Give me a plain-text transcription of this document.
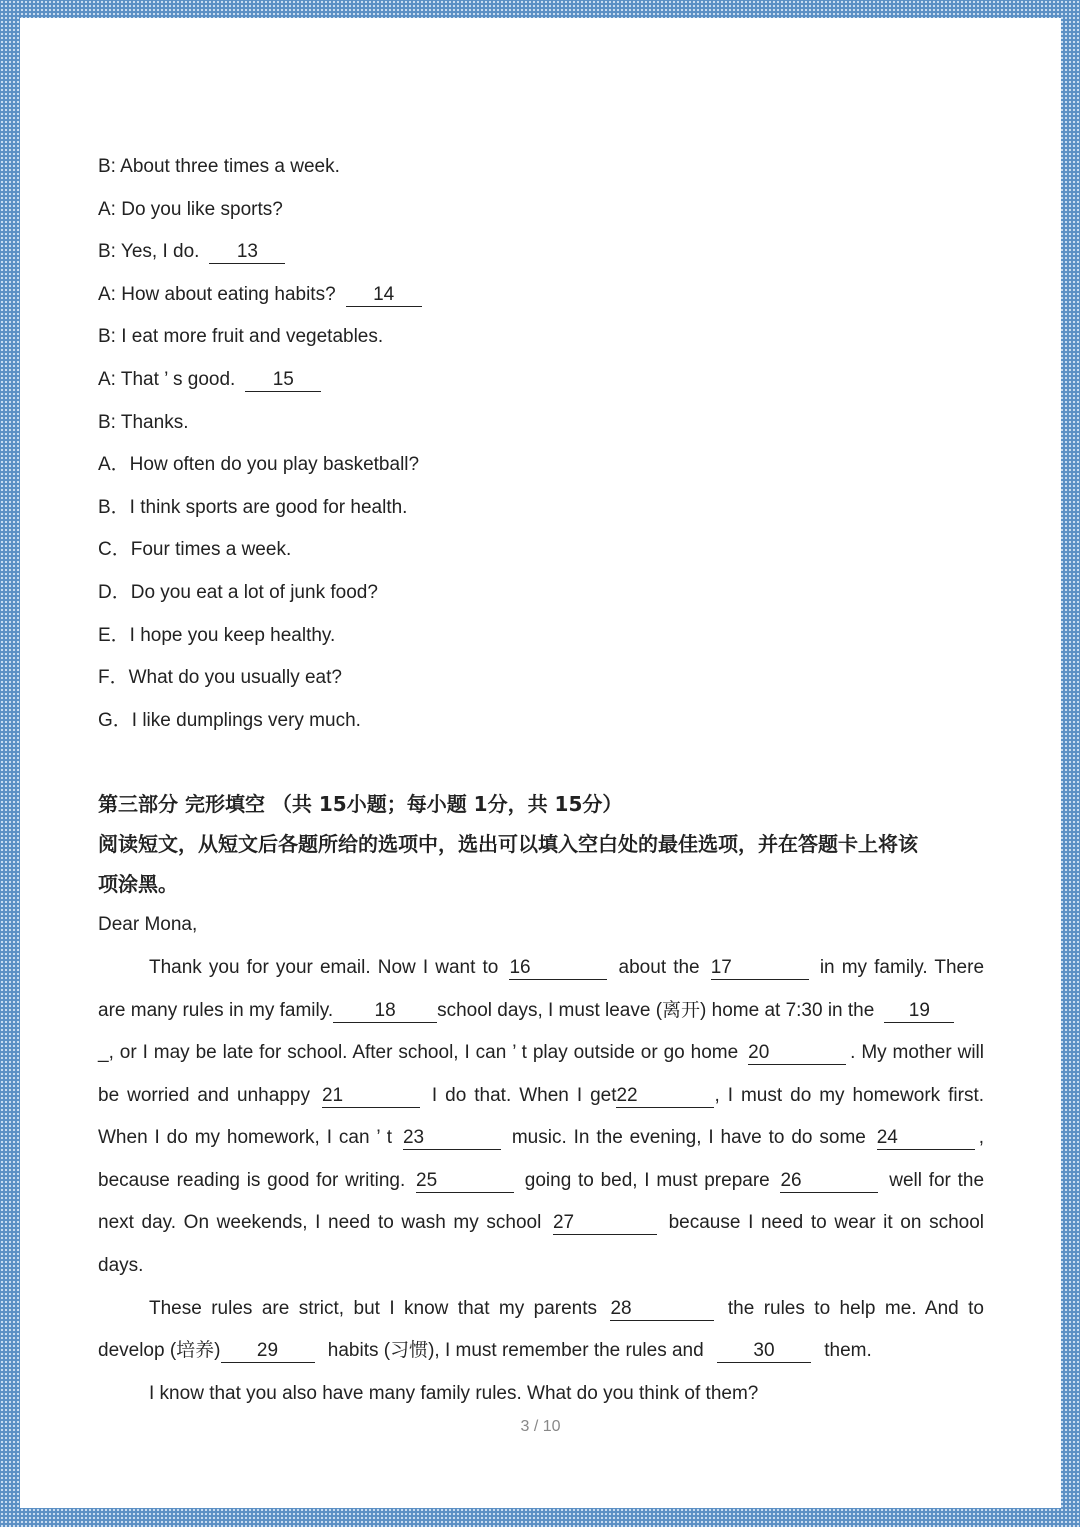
B: About three times a week.
A: Do you like sports?
B: Yes, I do. 13
A: How about eating habits? 14
B: I eat more fruit and vegetables.
A: That ’ s good. 15
B: Thanks.
A．How often do you play basketball?
B．I think sports are good for health.
C．Four times a week.
D．Do you eat a lot of junk food?
E．I hope you keep healthy.
F．What do you usually eat?
G．I like dumplings very much.
第三部分 完形填空 （共 15小题；每小题 1分，共 15分）
阅读短文，从短文后各题所给的选项中，选出可以填入空白处的最佳选项，并在答题卡上将该
项涂黑。
Dear Mona,
Thank you for your email. Now I want to 16	about the 17	in my family. There
are many rules in my family. 18 school days, I must leave (离开) home at 7:30 in the 19
_, or I may be late for school. After school, I can ’ t play outside or go home 20	. My mother will
be worried and unhappy 21	I do that. When I get22	, I must do my homework first.
When I do my homework, I can ’ t 23	music. In the evening, I have to do some 24	,
because reading is good for writing. 25	going to bed, I must prepare 26	well for the
next day. On weekends, I need to wash my school 27	because I need to wear it on school
days.
These rules are strict, but I know that my parents 28	the rules to help me. And to
develop (培养) 29	habits (习惯), I must remember the rules and	30	them.
I know that you also have many family rules. What do you think of them?
3 / 10
